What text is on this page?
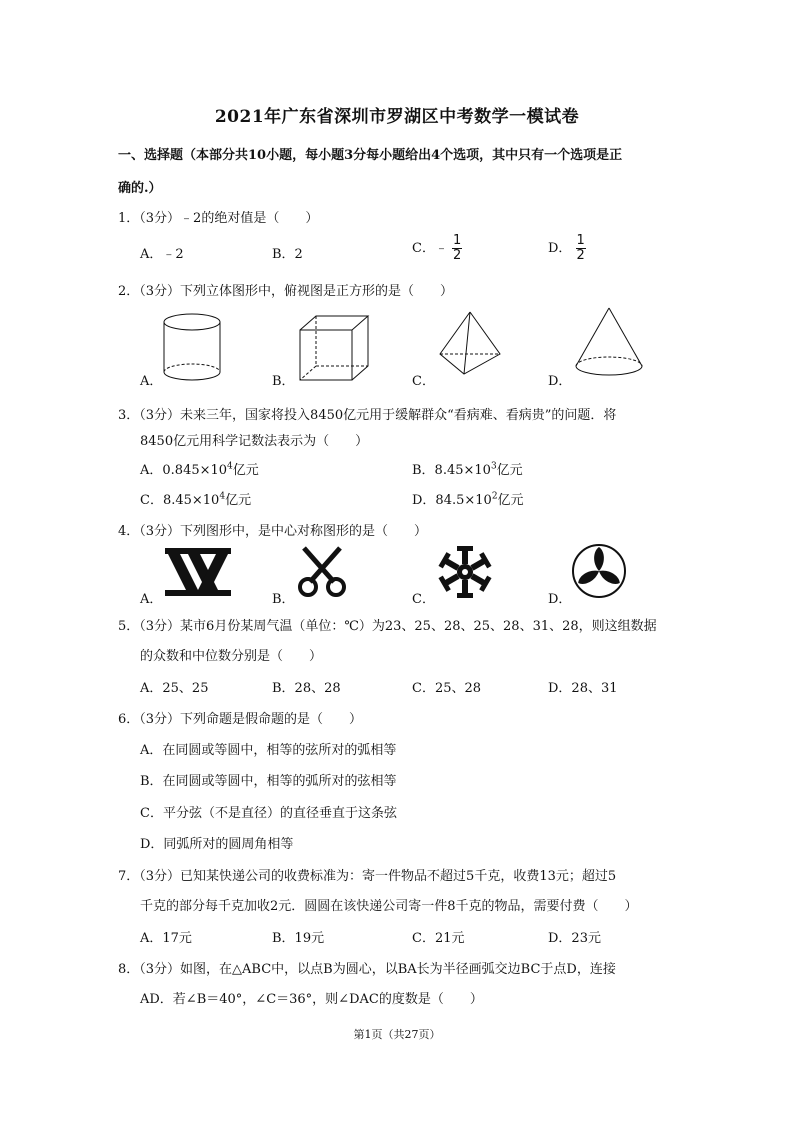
2021年广东省深圳市罗湖区中考数学一模试卷
一、选择题（本部分共10小题，每小题3分每小题给出4个选项，其中只有一个选项是正
确的.）
1．（3分）﹣2的绝对值是（　　）
A．﹣2	B．2	C．﹣ $\frac{1}{2}$	D． $\frac{1}{2}$
2．（3分）下列立体图形中，俯视图是正方形的是（　　）
A．	B．	C．	D．
3．（3分）未来三年，国家将投入8450亿元用于缓解群众“看病难、看病贵”的问题．将
8450亿元用科学记数法表示为（　　）
A．$0.845\times 10^4$亿元	B．$8.45\times 10^3$亿元
C．$8.45\times 10^4$亿元	D．$84.5\times 10^2$亿元
4．（3分）下列图形中，是中心对称图形的是（　　）
A．	B．	C．	D．
5．（3分）某市6月份某周气温（单位：℃）为23、25、28、25、28、31、28，则这组数据
的众数和中位数分别是（　　）
A．25、25	B．28、28	C．25、28	D．28、31
6．（3分）下列命题是假命题的是（　　）
A．在同圆或等圆中，相等的弦所对的弧相等
B．在同圆或等圆中，相等的弧所对的弦相等
C．平分弦（不是直径）的直径垂直于这条弦
D．同弧所对的圆周角相等
7．（3分）已知某快递公司的收费标准为：寄一件物品不超过5千克，收费13元；超过5
千克的部分每千克加收2元．圆圆在该快递公司寄一件8千克的物品，需要付费（　　）
A．17元	B．19元	C．21元	D．23元
8．（3分）如图，在△ABC中，以点B为圆心，以BA长为半径画弧交边BC于点D，连接
AD．若∠B＝40°，∠C＝36°，则∠DAC的度数是（　　）
第1页（共27页）
